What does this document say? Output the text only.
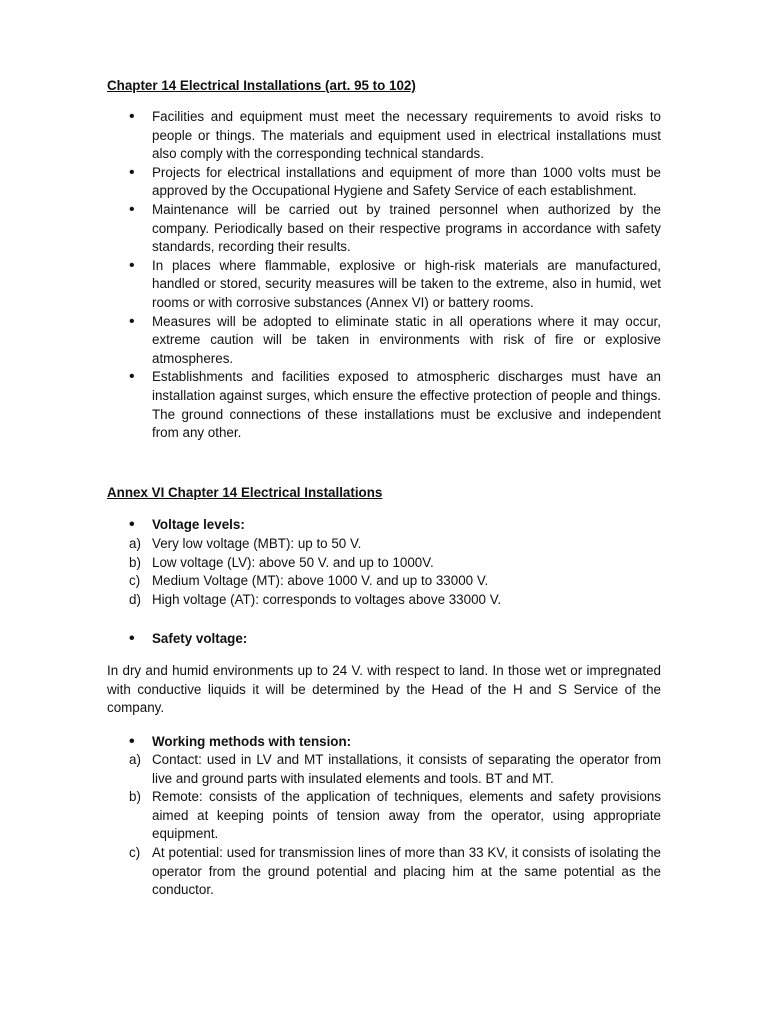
Chapter 14 Electrical Installations (art. 95 to 102)
•
Facilities and equipment must meet the necessary requirements to avoid risks to people or things. The materials and equipment used in electrical installations must also comply with the corresponding technical standards.
•
Projects for electrical installations and equipment of more than 1000 volts must be approved by the Occupational Hygiene and Safety Service of each establishment.
•
Maintenance will be carried out by trained personnel when authorized by the company. Periodically based on their respective programs in accordance with safety standards, recording their results.
•
In places where flammable, explosive or high-risk materials are manufactured, handled or stored, security measures will be taken to the extreme, also in humid, wet rooms or with corrosive substances (Annex VI) or battery rooms.
•
Measures will be adopted to eliminate static in all operations where it may occur, extreme caution will be taken in environments with risk of fire or explosive atmospheres.
•
Establishments and facilities exposed to atmospheric discharges must have an installation against surges, which ensure the effective protection of people and things. The ground connections of these installations must be exclusive and independent from any other.
Annex VI Chapter 14 Electrical Installations
•
Voltage levels:
a) Very low voltage (MBT): up to 50 V.
b) Low voltage (LV): above 50 V. and up to 1000V.
c) Medium Voltage (MT): above 1000 V. and up to 33000 V.
d) High voltage (AT): corresponds to voltages above 33000 V.
•
Safety voltage:

In dry and humid environments up to 24 V. with respect to land. In those wet or impregnated with conductive liquids it will be determined by the Head of the H and S Service of the company.

•
Working methods with tension:
a) Contact: used in LV and MT installations, it consists of separating the operator from live and ground parts with insulated elements and tools. BT and MT.
b) Remote: consists of the application of techniques, elements and safety provisions aimed at keeping points of tension away from the operator, using appropriate equipment.
c) At potential: used for transmission lines of more than 33 KV, it consists of isolating the operator from the ground potential and placing him at the same potential as the conductor.
